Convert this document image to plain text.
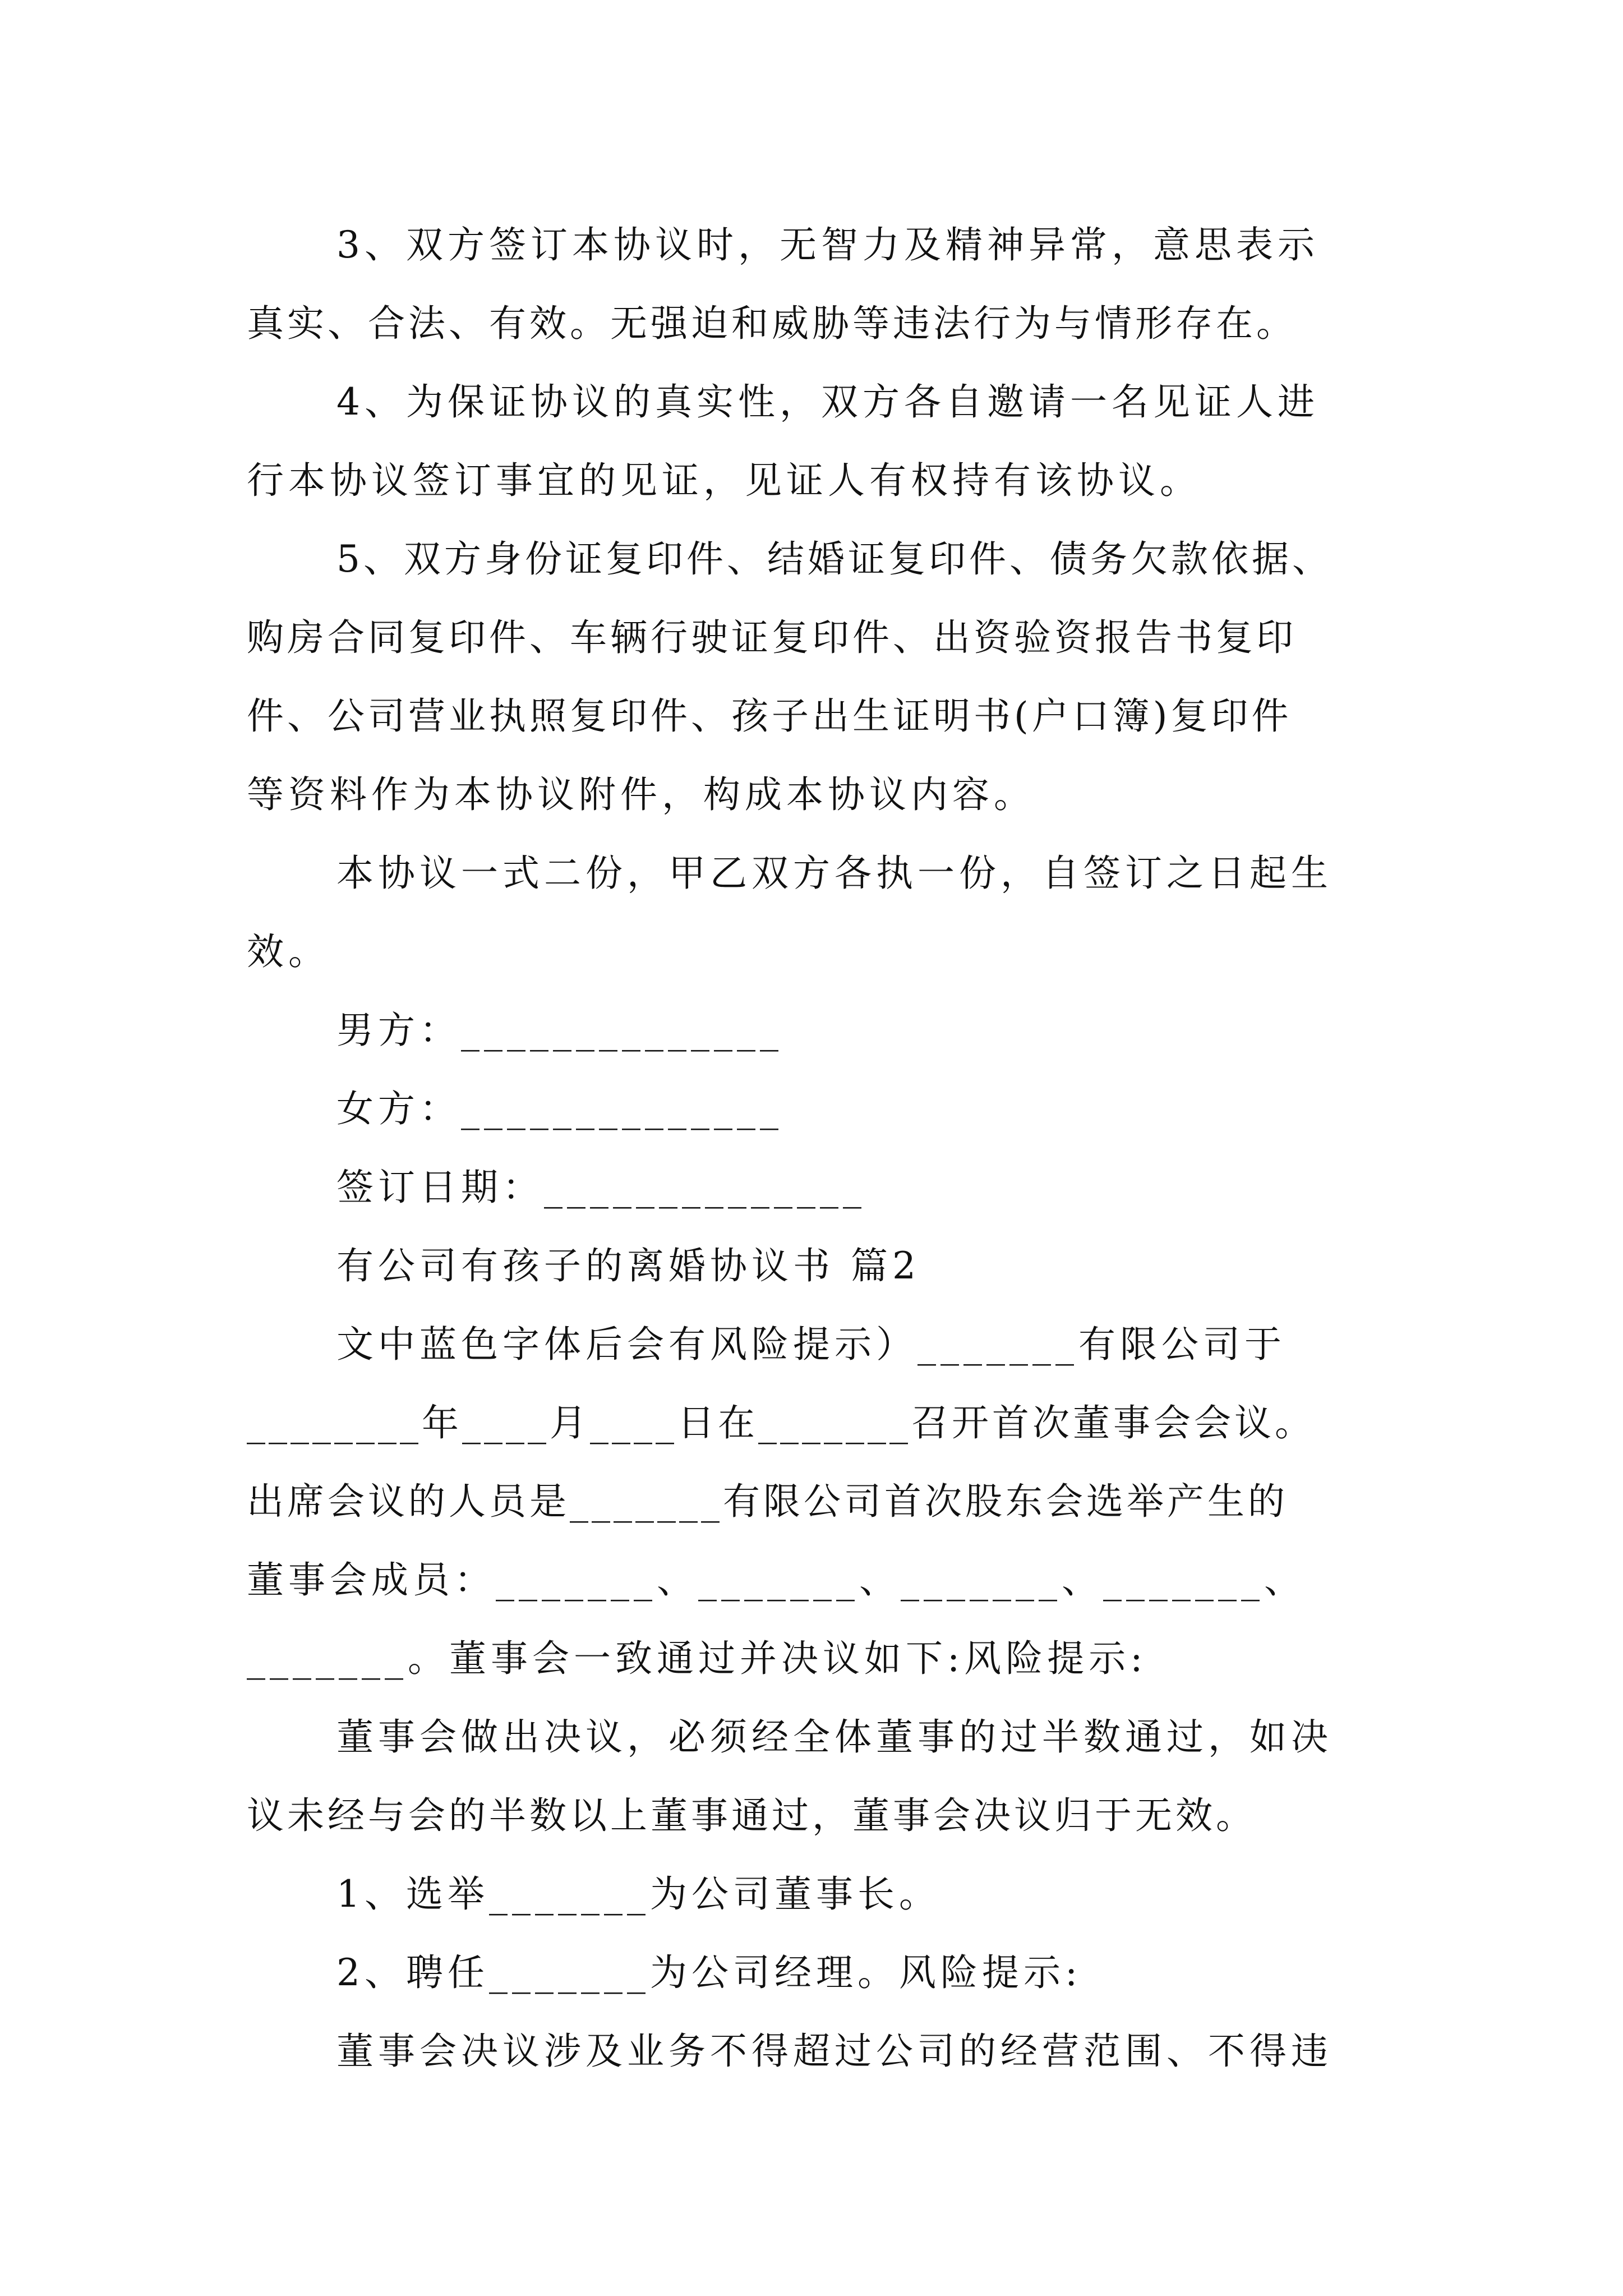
3、双方签订本协议时，无智力及精神异常，意思表示
真实、合法、有效。无强迫和威胁等违法行为与情形存在。
4、为保证协议的真实性，双方各自邀请一名见证人进
行本协议签订事宜的见证，见证人有权持有该协议。
5、双方身份证复印件、结婚证复印件、债务欠款依据、
购房合同复印件、车辆行驶证复印件、出资验资报告书复印
件、公司营业执照复印件、孩子出生证明书(户口簿)复印件
等资料作为本协议附件，构成本协议内容。
本协议一式二份，甲乙双方各执一份，自签订之日起生
效。
男方：______________
女方：______________
签订日期：______________
有公司有孩子的离婚协议书 篇2
文中蓝色字体后会有风险提示）_______有限公司于
________年____月____日在_______召开首次董事会会议。
出席会议的人员是_______有限公司首次股东会选举产生的
董事会成员：_______、_______、_______、_______、
_______。董事会一致通过并决议如下:风险提示:
董事会做出决议，必须经全体董事的过半数通过，如决
议未经与会的半数以上董事通过，董事会决议归于无效。
1、选举_______为公司董事长。
2、聘任_______为公司经理。风险提示:
董事会决议涉及业务不得超过公司的经营范围、不得违
